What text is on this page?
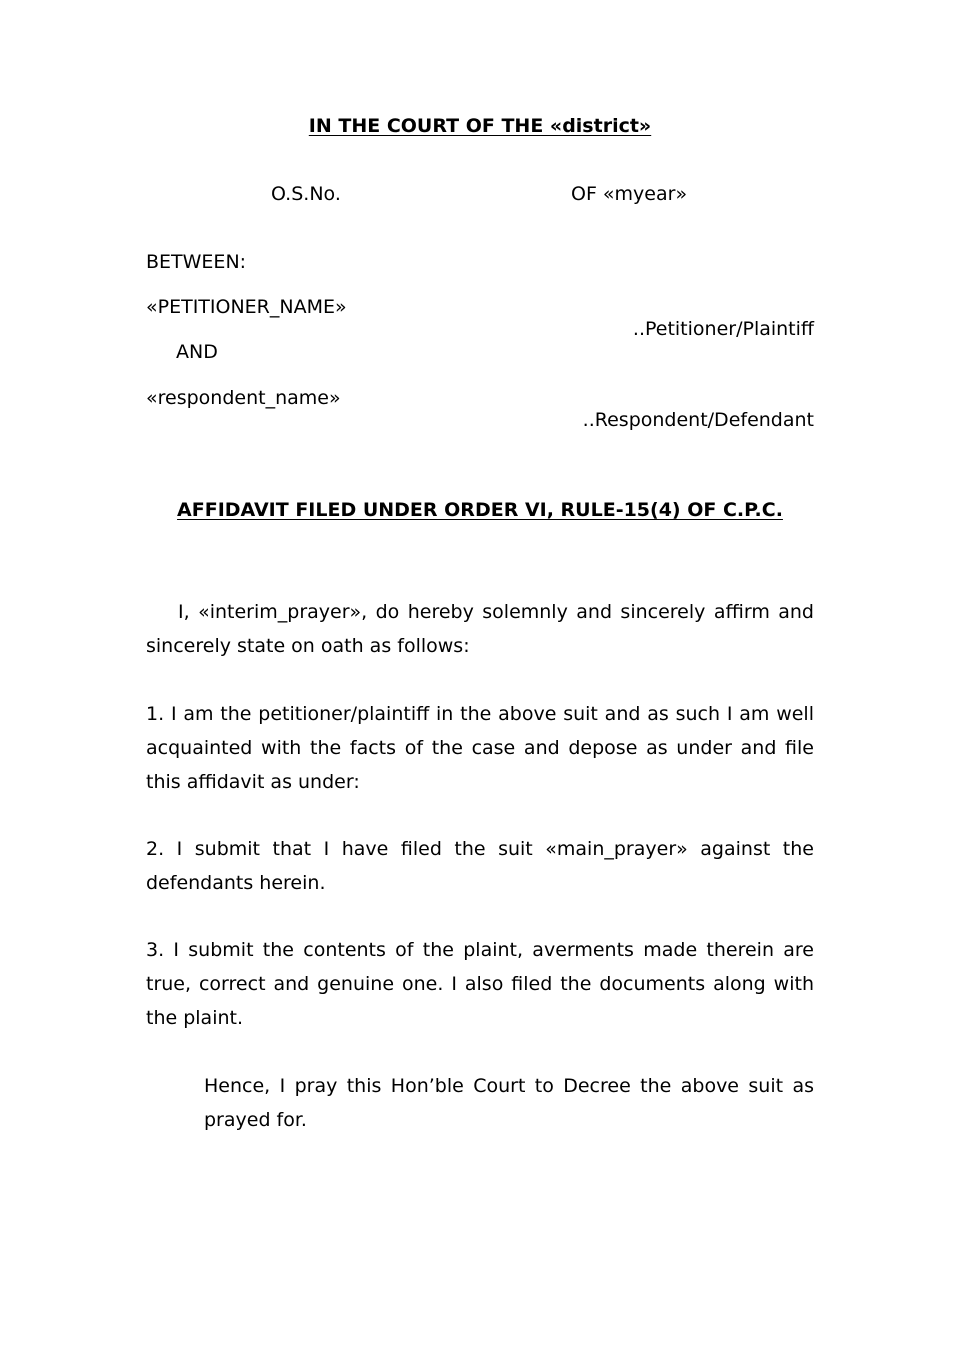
IN THE COURT OF THE «district»
O.S.No.	OF «myear»
BETWEEN:
«PETITIONER_NAME»
..Petitioner/Plaintiff
AND
«respondent_name»
..Respondent/Defendant
AFFIDAVIT FILED UNDER ORDER VI, RULE-15(4) OF C.P.C.

I, «interim_prayer», do hereby solemnly and sincerely affirm and sincerely state on oath as follows:

1. I am the petitioner/plaintiff in the above suit and as such I am well acquainted with the facts of the case and depose as under and file this affidavit as under:

2. I submit that I have filed the suit «main_prayer» against the defendants herein.

3. I submit the contents of the plaint, averments made therein are true, correct and genuine one. I also filed the documents along with the plaint.

Hence, I pray this Hon’ble Court to Decree the above suit as prayed for.
